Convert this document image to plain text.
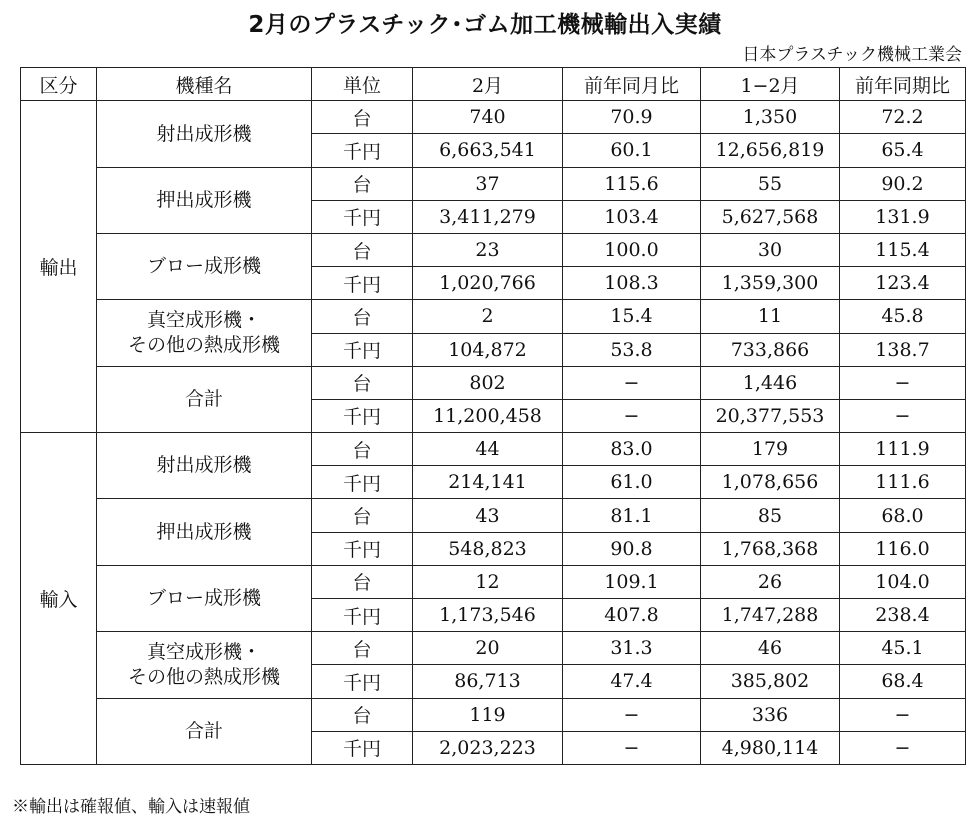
2月のプラスチック･ゴム加工機械輸出入実績
日本プラスチック機械工業会
区分	機種名	単位	2月	前年同月比	1−2月	前年同期比
輸出	射出成形機	台	740	70.9	1,350	72.2
		千円	6,663,541	60.1	12,656,819	65.4

	押出成形機	台	37	115.6	55	90.2
		千円	3,411,279	103.4	5,627,568	131.9

	ブロー成形機	台	23	100.0	30	115.4
		千円	1,020,766	108.3	1,359,300	123.4

	真空成形機・
その他の熱成形機	台	2	15.4	11	45.8
		千円	104,872	53.8	733,866	138.7

	合計	台	802	−	1,446	−
		千円	11,200,458	−	20,377,553	−
輸入	射出成形機	台	44	83.0	179	111.9
		千円	214,141	61.0	1,078,656	111.6

	押出成形機	台	43	81.1	85	68.0
		千円	548,823	90.8	1,768,368	116.0

	ブロー成形機	台	12	109.1	26	104.0
		千円	1,173,546	407.8	1,747,288	238.4

	真空成形機・
その他の熱成形機	台	20	31.3	46	45.1
		千円	86,713	47.4	385,802	68.4

	合計	台	119	−	336	−
		千円	2,023,223	−	4,980,114	−
※輸出は確報値、輸入は速報値
